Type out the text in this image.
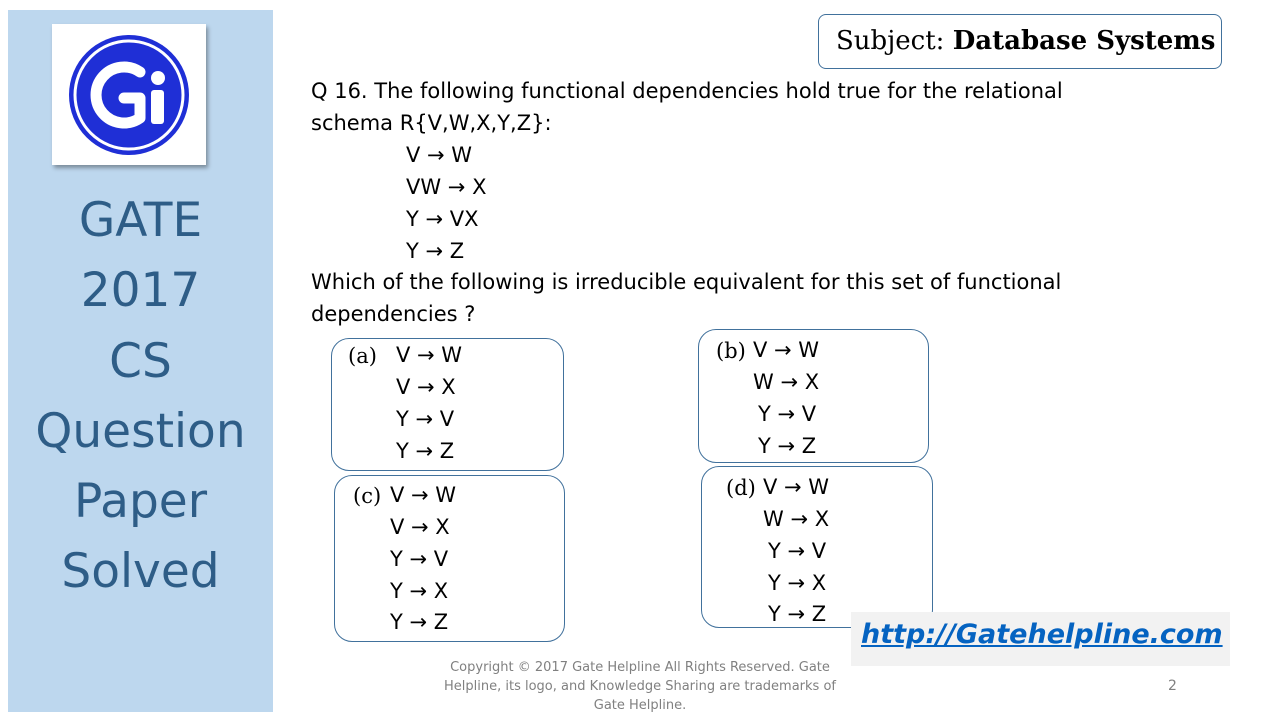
GATE
2017
CS
Question
Paper
Solved
Subject: Database Systems
Q 16. The following functional dependencies hold true for the relational
schema R{V,W,X,Y,Z}:
V → W
VW → X
Y → VX
Y → Z
Which of the following is irreducible equivalent for this set of functional
dependencies ?
(a) V → W
V → X
Y → V
Y → Z
(b) V → W
W → X
Y → V
Y → Z
(c) V → W
V → X
Y → V
Y → X
Y → Z
(d) V → W
W → X
Y → V
Y → X
Y → Z
http://Gatehelpline.com
Copyright © 2017 Gate Helpline All Rights Reserved. Gate
Helpline, its logo, and Knowledge Sharing are trademarks of
Gate Helpline.
2
